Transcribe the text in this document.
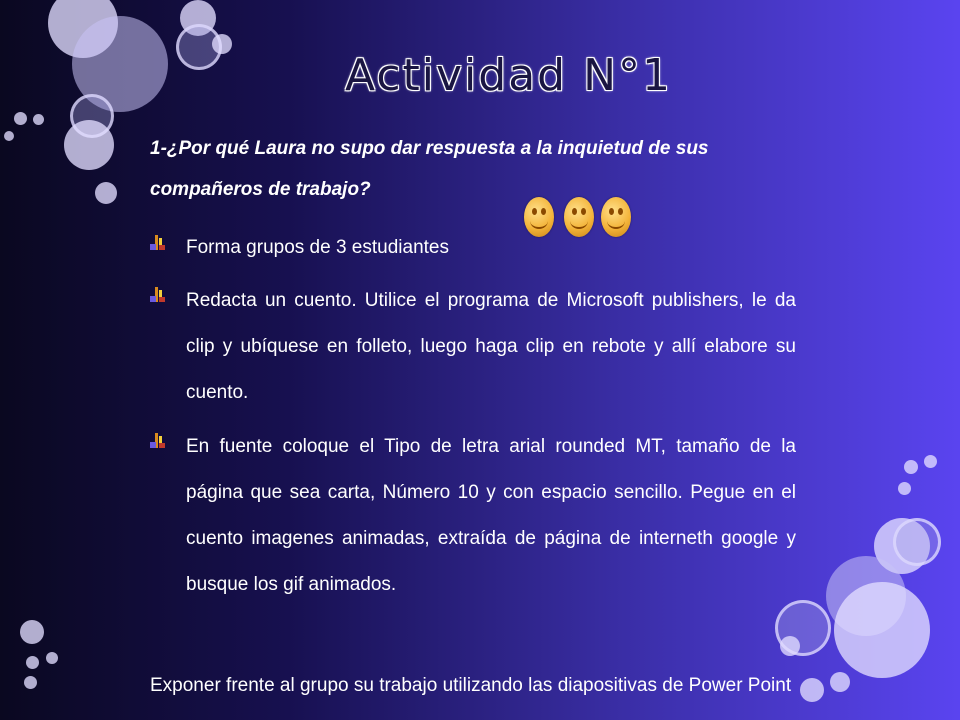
Actividad N°1

1-¿Por qué Laura no supo dar respuesta a la inquietud de sus compañeros de trabajo?

Forma grupos de 3 estudiantes
Redacta un cuento. Utilice el programa de Microsoft publishers, le da clip y ubíquese en folleto, luego haga clip en rebote y allí elabore su cuento.
En fuente coloque el Tipo de letra arial rounded MT, tamaño de la página que sea carta, Número 10 y con espacio sencillo. Pegue en el cuento imagenes animadas, extraída de página de interneth google y busque los gif animados.

Exponer frente al grupo su trabajo utilizando las diapositivas de Power Point
